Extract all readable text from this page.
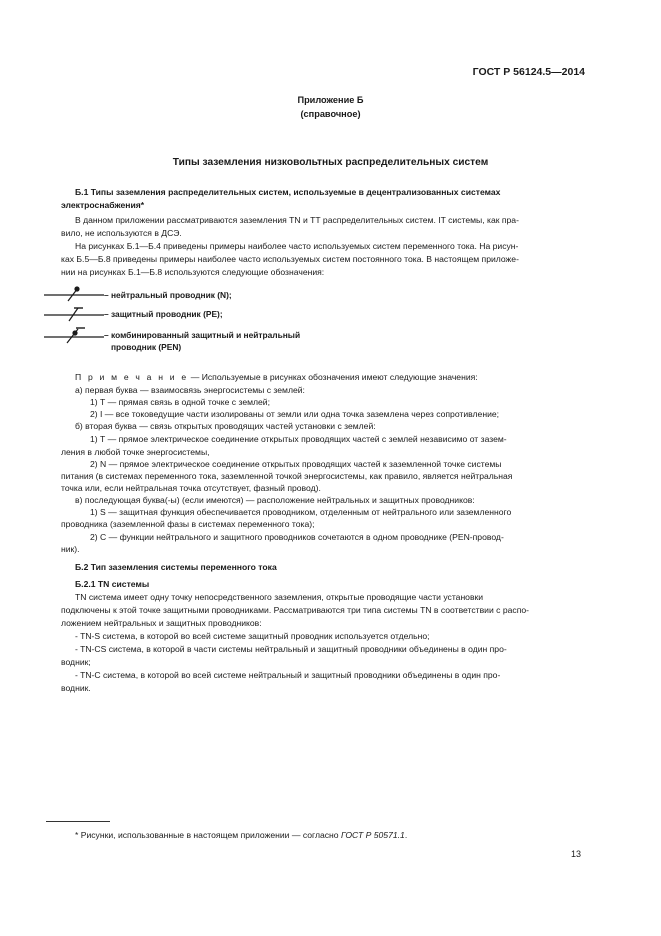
ГОСТ Р 56124.5—2014
Приложение Б
(справочное)
Типы заземления низковольтных распределительных систем
Б.1 Типы заземления распределительных систем, используемые в децентрализованных системах
электроснабжения*
В данном приложении рассматриваются заземления TN и TT распределительных систем. IT системы, как пра-
вило, не используются в ДСЭ.
На рисунках Б.1—Б.4 приведены примеры наиболее часто используемых систем переменного тока. На рисун-
ках Б.5—Б.8 приведены примеры наиболее часто используемых систем постоянного тока. В настоящем приложе-
нии на рисунках Б.1—Б.8 используются следующие обозначения:
– нейтральный проводник (N);
– защитный проводник (PE);
– комбинированный защитный и нейтральный
проводник (PEN)
П р и м е ч а н и е — Используемые в рисунках обозначения имеют следующие значения:
а) первая буква — взаимосвязь энергосистемы с землей:
1) Т — прямая связь в одной точке с землей;
2) I — все токоведущие части изолированы от земли или одна точка заземлена через сопротивление;
б) вторая буква — связь открытых проводящих частей установки с землей:
1) Т — прямое электрическое соединение открытых проводящих частей с землей независимо от зазем-
ления в любой точке энергосистемы,
2) N — прямое электрическое соединение открытых проводящих частей к заземленной точке системы
питания (в системах переменного тока, заземленной точкой энергосистемы, как правило, является нейтральная
точка или, если нейтральная точка отсутствует, фазный провод).
в) последующая буква(-ы) (если имеются) — расположение нейтральных и защитных проводников:
1) S — защитная функция обеспечивается проводником, отделенным от нейтрального или заземленного
проводника (заземленной фазы в системах переменного тока);
2) C — функции нейтрального и защитного проводников сочетаются в одном проводнике (PEN-провод-
ник).
Б.2 Тип заземления системы переменного тока
Б.2.1 TN системы
TN система имеет одну точку непосредственного заземления, открытые проводящие части установки
подключены к этой точке защитными проводниками. Рассматриваются три типа системы TN в соответствии с распо-
ложением нейтральных и защитных проводников:
- TN-S система, в которой во всей системе защитный проводник используется отдельно;
- TN-CS система, в которой в части системы нейтральный и защитный проводники объединены в один про-
водник;
- TN-C система, в которой во всей системе нейтральный и защитный проводники объединены в один про-
водник.
* Рисунки, использованные в настоящем приложении — согласно ГОСТ Р 50571.1.
13
